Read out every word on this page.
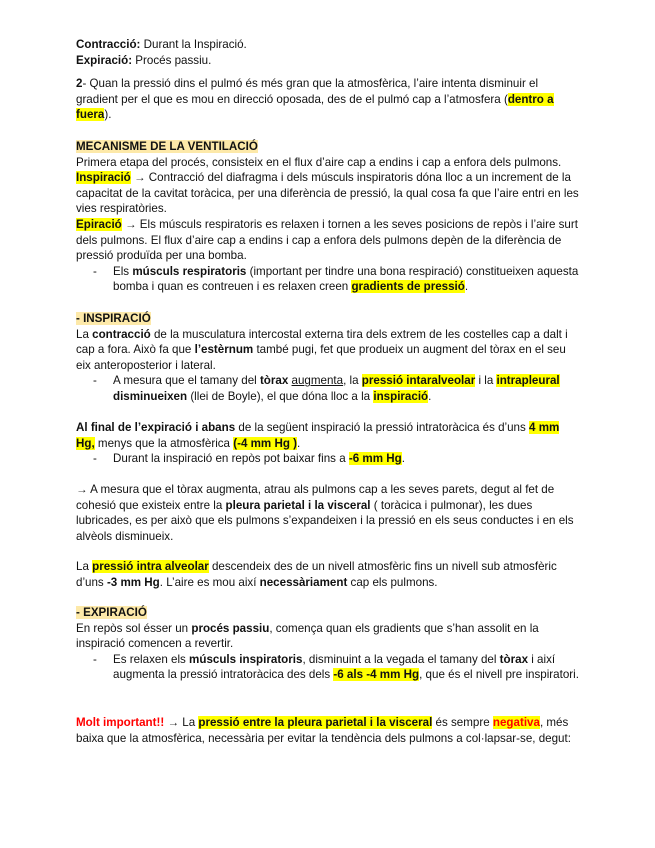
Contracció: Durant la Inspiració.

Expiració: Procés passiu.

2- Quan la pressió dins el pulmó és més gran que la atmosfèrica, l’aire intenta disminuir el gradient per el que es mou en direcció oposada, des de el pulmó cap a l’atmosfera (dentro a fuera).

MECANISME DE LA VENTILACIÓ

Primera etapa del procés, consisteix en el flux d’aire cap a endins i cap a enfora dels pulmons.

Inspiració → Contracció del diafragma i dels músculs inspiratoris dóna lloc a un increment de la capacitat de la cavitat toràcica, per una diferència de pressió, la qual cosa fa que l’aire entri en les vies respiratòries.

Epiració → Els músculs respiratoris es relaxen i tornen a les seves posicions de repòs i l’aire surt dels pulmons. El flux d’aire cap a endins i cap a enfora dels pulmons depèn de la diferència de pressió produïda per una bomba.

- Els músculs respiratoris (important per tindre una bona respiració) constitueixen aquesta bomba i quan es contreuen i es relaxen creen gradients de pressió.

- INSPIRACIÓ

La contracció de la musculatura intercostal externa tira dels extrem de les costelles cap a dalt i cap a fora. Això fa que l’estèrnum també pugi, fet que produeix un augment del tòrax en el seu eix anteroposterior i lateral.

- A mesura que el tamany del tòrax augmenta, la pressió intaralveolar i la intrapleural disminueixen (llei de Boyle), el que dóna lloc a la inspiració.

Al final de l’expiració i abans de la següent inspiració la pressió intratoràcica és d’uns 4 mm Hg, menys que la atmosfèrica (-4 mm Hg ).

- Durant la inspiració en repòs pot baixar fins a -6 mm Hg.

→ A mesura que el tòrax augmenta, atrau als pulmons cap a les seves parets, degut al fet de cohesió que existeix entre la pleura parietal i la visceral ( toràcica i pulmonar), les dues lubricades, es per això que els pulmons s’expandeixen i la pressió en els seus conductes i en els alvèols disminueix.

La pressió intra alveolar descendeix des de un nivell atmosfèric fins un nivell sub atmosfèric d’uns -3 mm Hg. L’aire es mou així necessàriament cap els pulmons.

- EXPIRACIÓ

En repòs sol ésser un procés passiu, comença quan els gradients que s’han assolit en la inspiració comencen a revertir.

- Es relaxen els músculs inspiratoris, disminuint a la vegada el tamany del tòrax i així augmenta la pressió intratoràcica des dels -6 als -4 mm Hg, que és el nivell pre inspiratori.

Molt important!! → La pressió entre la pleura parietal i la visceral és sempre negativa, més baixa que la atmosfèrica, necessària per evitar la tendència dels pulmons a col·lapsar-se, degut:
